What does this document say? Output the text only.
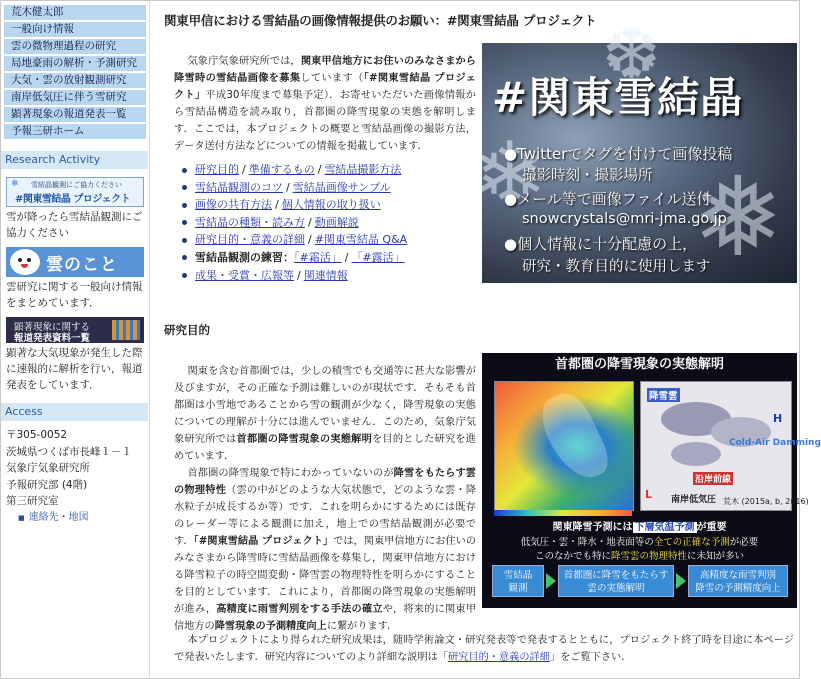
荒木健太郎
一般向け情報
雲の微物理過程の研究
局地豪雨の解析・予測研究
大気・雲の放射観測研究
南岸低気圧に伴う雪研究
顕著現象の報道発表一覧
予報三研ホーム
Research Activity
❄ 雪結晶観測にご協力ください
#関東雪結晶 プロジェクト
雪が降ったら雪結晶観測にご協力ください
雲のこと
雲研究に関する一般向け情報をまとめています．
顕著現象に関する
報道発表資料一覧
顕著な大気現象が発生した際に速報的に解析を行い，報道発表をしています．
Access
〒305-0052
茨城県つくば市長峰１－１
気象庁気象研究所
予報研究部 (4階)
第三研究室
■ 連絡先・地図
関東甲信における雪結晶の画像情報提供のお願い：#関東雪結晶 プロジェクト
気象庁気象研究所では，関東甲信地方にお住いのみなさまから降雪時の雪結晶画像を募集しています（「#関東雪結晶 プロジェクト」平成30年度まで募集予定）．お寄せいただいた画像情報から雪結晶構造を読み取り，首都圏の降雪現象の実態を解明します．ここでは，本プロジェクトの概要と雪結晶画像の撮影方法，データ送付方法などについての情報を掲載しています．
研究目的 / 準備するもの / 雪結晶撮影方法
雪結晶観測のコツ / 雪結晶画像サンプル
画像の共有方法 / 個人情報の取り扱い
雪結晶の種類・読み方 / 動画解説
研究目的・意義の詳細 / #関東雪結晶 Q&A
雪結晶観測の練習：「#霜活」 / 「#露活」
成果・受賞・広報等 / 関連情報
研究目的
関東を含む首都圏では，少しの積雪でも交通等に甚大な影響が及びますが，その正確な予測は難しいのが現状です．そもそも首都圏は小雪地であることから雪の観測が少なく，降雪現象の実態についての理解が十分には進んでいません．このため，気象庁気象研究所では首都圏の降雪現象の実態解明を目的とした研究を進めています．
首都圏の降雪現象で特にわかっていないのが降雪をもたらす雲の物理特性（雲の中がどのような大気状態で，どのような雲・降水粒子が成長するか等）です．これを明らかにするためには既存のレーダー等による観測に加え，地上での雪結晶観測が必要です．「#関東雪結晶 プロジェクト」では，関東甲信地方にお住いのみなさまから降雪時に雪結晶画像を募集し，関東甲信地方における降雪粒子の時空間変動・降雪雲の物理特性を明らかにすることを目的としています．これにより，首都圏の降雪現象の実態解明が進み，高精度に雨雪判別をする手法の確立や，将来的に関東甲信地方の降雪現象の予測精度向上に繋がります．
本プロジェクトにより得られた研究成果は，随時学術論文・研究発表等で発表するとともに，プロジェクト終了時を目途に本ページで発表いたします．研究内容についてのより詳細な説明は「研究目的・意義の詳細」をご覧下さい．
❄ ❅
❆
#関東雪結晶
●Twitterでタグを付けて画像投稿
撮影時刻・撮影場所
●メール等で画像ファイル送付
snowcrystals@mri-jma.go.jp
●個人情報に十分配慮の上，
研究・教育目的に使用します
首都圏の降雪現象の実態解明
降雪雲
H
Cold-Air Damming
沿岸前線
南岸低気圧
L
荒木 (2015a, b, 2016)
関東降雪予測には 下層気温予測 が重要
低気圧・雲・降水・地表面等の全ての正確な予測が必要
このなかでも特に降雪雲の物理特性に未知が多い
雪結晶
観測
首都圏に降雪をもたらす
雲の実態解明
高精度な雨雪判別
降雪の予測精度向上
